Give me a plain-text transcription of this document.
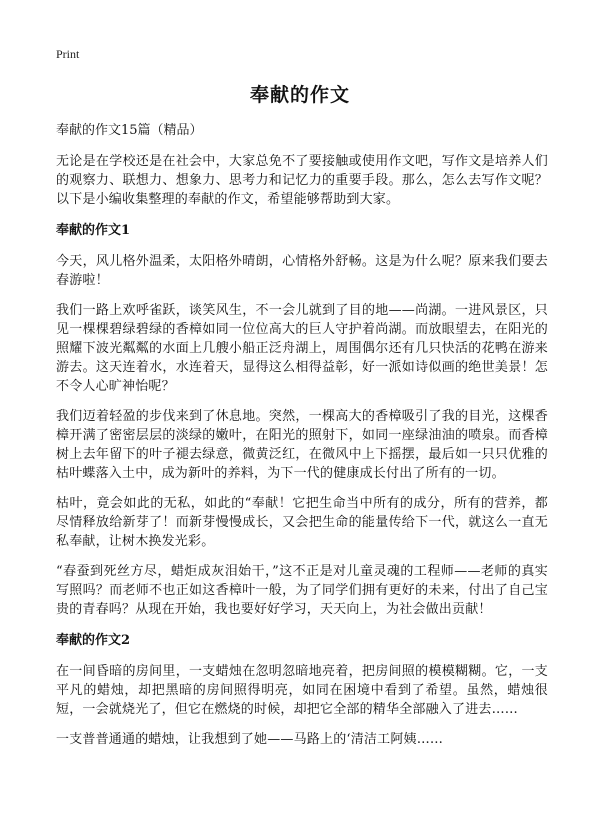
Print
奉献的作文
奉献的作文15篇（精品）

无论是在学校还是在社会中，大家总免不了要接触或使用作文吧，写作文是培养人们的观察力、联想力、想象力、思考力和记忆力的重要手段。那么，怎么去写作文呢？以下是小编收集整理的奉献的作文，希望能够帮助到大家。

奉献的作文1

今天，风儿格外温柔，太阳格外晴朗，心情格外舒畅。这是为什么呢？原来我们要去春游啦！

我们一路上欢呼雀跃，谈笑风生，不一会儿就到了目的地——尚湖。一进风景区，只见一棵棵碧绿碧绿的香樟如同一位位高大的巨人守护着尚湖。而放眼望去，在阳光的照耀下波光粼粼的水面上几艘小船正泛舟湖上，周围偶尔还有几只快活的花鸭在游来游去。这天连着水，水连着天，显得这么相得益彰，好一派如诗似画的绝世美景！怎不令人心旷神怡呢？

我们迈着轻盈的步伐来到了休息地。突然，一棵高大的香樟吸引了我的目光，这棵香樟开满了密密层层的淡绿的嫩叶，在阳光的照射下，如同一座绿油油的喷泉。而香樟树上去年留下的叶子褪去绿意，微黄泛红，在微风中上下摇摆，最后如一只只优雅的枯叶蝶落入土中，成为新叶的养料，为下一代的健康成长付出了所有的一切。

枯叶，竟会如此的无私，如此的“奉献！它把生命当中所有的成分，所有的营养，都尽情释放给新芽了！而新芽慢慢成长，又会把生命的能量传给下一代，就这么一直无私奉献，让树木换发光彩。

“春蚕到死丝方尽，蜡炬成灰泪始干，”这不正是对儿童灵魂的工程师——老师的真实写照吗？而老师不也正如这香樟叶一般，为了同学们拥有更好的未来，付出了自己宝贵的青春吗？从现在开始，我也要好好学习，天天向上，为社会做出贡献！

奉献的作文2

在一间昏暗的房间里，一支蜡烛在忽明忽暗地亮着，把房间照的模模糊糊。它，一支平凡的蜡烛，却把黑暗的房间照得明亮，如同在困境中看到了希望。虽然，蜡烛很短，一会就烧光了，但它在燃烧的时候，却把它全部的精华全部融入了进去……

一支普普通通的蜡烛，让我想到了她——马路上的‘清洁工阿姨……
